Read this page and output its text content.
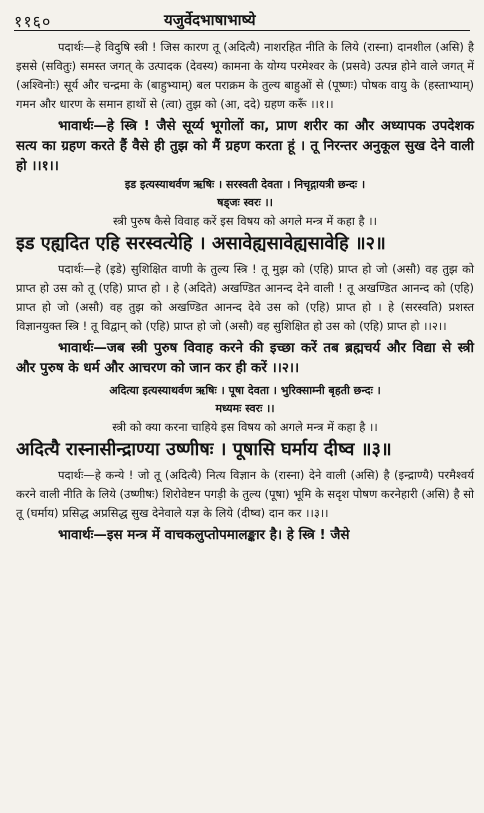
११६०	यजुर्वेदभाषाभाष्ये

पदार्थः—हे विदुषि स्त्री ! जिस कारण तू (अदित्यै) नाशरहित नीति के लिये (रास्ना) दानशील (असि) है इससे (सवितुः) समस्त जगत् के उत्पादक (देवस्य) कामना के योग्य परमेश्वर के (प्रसवे) उत्पन्न होने वाले जगत् में (अश्विनोः) सूर्य और चन्द्रमा के (बाहुभ्याम्) बल पराक्रम के तुल्य बाहुओं से (पूष्णः) पोषक वायु के (हस्ताभ्याम्) गमन और धारण के समान हाथों से (त्वा) तुझ को (आ, ददे) ग्रहण करूँ ।।१।।

भावार्थः—हे स्त्रि ! जैसे सूर्य्य भूगोलों का, प्राण शरीर का और अध्यापक उपदेशक सत्य का ग्रहण करते हैं वैसे ही तुझ को मैं ग्रहण करता हूं । तू निरन्तर अनुकूल सुख देने वाली हो ।।१।।

इड इत्यस्याथर्वण ऋषिः । सरस्वती देवता । निचृद्गायत्री छन्दः ।

षड्जः स्वरः ।।

स्त्री पुरुष कैसे विवाह करें इस विषय को अगले मन्त्र में कहा है ।।

इड एह्यदित एहि सरस्वत्येहि । असावेह्यसावेह्यसावेहि ॥२॥

पदार्थः—हे (इडे) सुशिक्षित वाणी के तुल्य स्त्रि ! तू मुझ को (एहि) प्राप्त हो जो (असौ) वह तुझ को प्राप्त हो उस को तू (एहि) प्राप्त हो । हे (अदिते) अखण्डित आनन्द देने वाली ! तू अखण्डित आनन्द को (एहि) प्राप्त हो जो (असौ) वह तुझ को अखण्डित आनन्द देवे उस को (एहि) प्राप्त हो । हे (सरस्वति) प्रशस्त विज्ञानयुक्त स्त्रि ! तू विद्वान् को (एहि) प्राप्त हो जो (असौ) वह सुशिक्षित हो उस को (एहि) प्राप्त हो ।।२।।

भावार्थः—जब स्त्री पुरुष विवाह करने की इच्छा करें तब ब्रह्मचर्य और विद्या से स्त्री और पुरुष के धर्म और आचरण को जान कर ही करें ।।२।।

अदित्या इत्यस्याथर्वण ऋषिः । पूषा देवता । भुरिक्साम्नी बृहती छन्दः ।

मध्यमः स्वरः ।।

स्त्री को क्या करना चाहिये इस विषय को अगले मन्त्र में कहा है ।।

अदित्यै रास्नासीन्द्राण्या उष्णीषः । पूषासि घर्माय दीष्व ॥३॥

पदार्थः—हे कन्ये ! जो तू (अदित्यै) नित्य विज्ञान के (रास्ना) देने वाली (असि) है (इन्द्राण्यै) परमैश्वर्य करने वाली नीति के लिये (उष्णीषः) शिरोवेष्टन पगड़ी के तुल्य (पूषा) भूमि के सदृश पोषण करनेहारी (असि) है सो तू (घर्माय) प्रसिद्ध अप्रसिद्ध सुख देनेवाले यज्ञ के लिये (दीष्व) दान कर ।।३।।

भावार्थः—इस मन्त्र में वाचकलुप्तोपमालङ्कार है। हे स्त्रि ! जैसे
